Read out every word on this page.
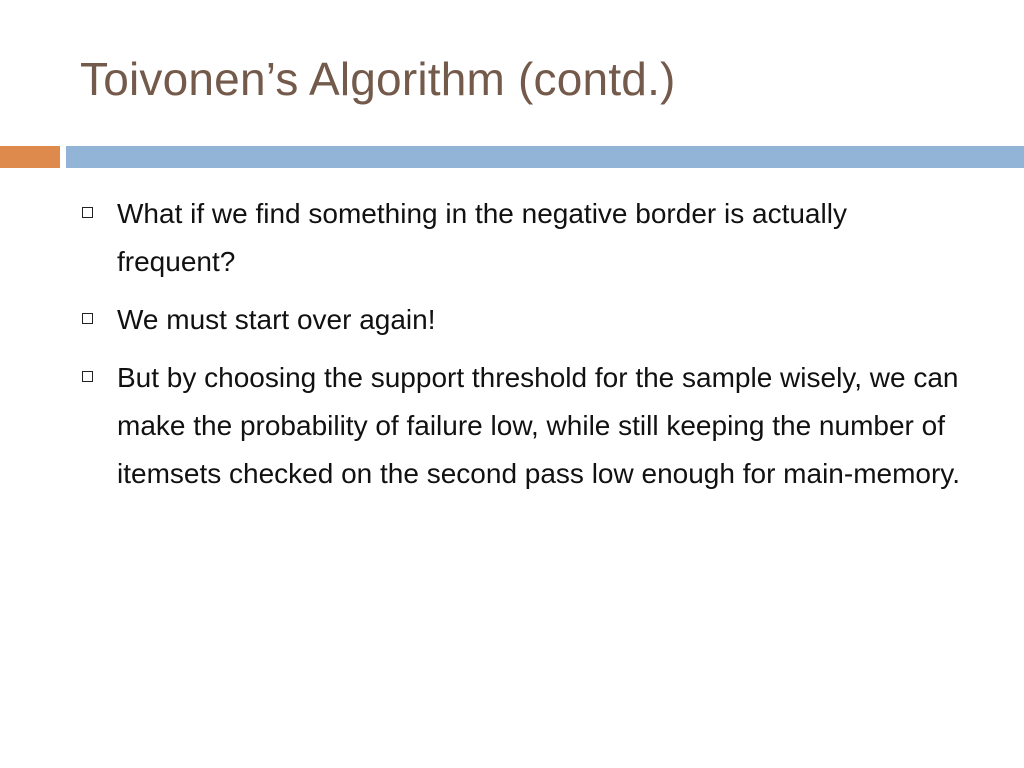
Toivonen’s Algorithm (contd.)
What if we find something in the negative border is actually frequent?
We must start over again!
But by choosing the support threshold for the sample wisely, we can make the probability of failure low, while still keeping the number of itemsets checked on the second pass low enough for main-memory.
